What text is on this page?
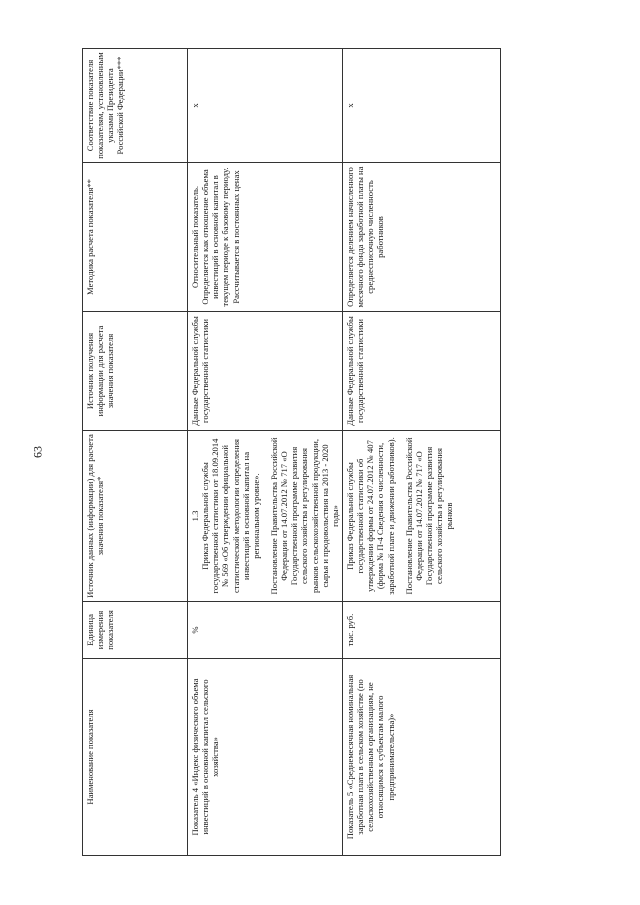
63
Наименование показателя	Единица измерения показателя	Источник данных (информации) для расчета значения показателя*	Источник получения информации для расчета значения показателя	Методика расчета показателя**	Соответствие показателя показателям, установленным указами Президента Российской Федерации***
Показатель 4 «Индекс физического объема инвестиций в основной капитал сельского хозяйства»	%	1.3 Приказ Федеральной службы государственной статистики от 18.09.2014 № 569 «Об утверждении официальной статистической методологии определения инвестиций в основной капитал на региональном уровне». Постановление Правительства Российской Федерации от 14.07.2012 № 717 «О Государственной программе развития сельского хозяйства и регулирования рынков сельскохозяйственной продукции, сырья и продовольствия на 2013 - 2020 годы»	Данные Федеральной службы государственной статистики	Относительный показатель. Определяется как отношение объема инвестиций в основной капитал в текущем периоде к базовому периоду. Рассчитывается в постоянных ценах	х
Показатель 5 «Среднемесячная номинальная заработная плата в сельском хозяйстве (по сельскохозяйственным организациям, не относящимся к субъектам малого предпринимательства)»	тыс. руб.	Приказ Федеральной службы государственной статистики об утверждении формы от 24.07.2012 № 407 (форма № П-4 Сведения о численности, заработной плате и движении работников). Постановление Правительства Российской Федерации от 14.07.2012 № 717 «О Государственной программе развития сельского хозяйства и регулирования рынков	Данные Федеральной службы государственной статистики	Определяется делением начисленного месячного фонда заработной платы на среднесписочную численность работников	х
